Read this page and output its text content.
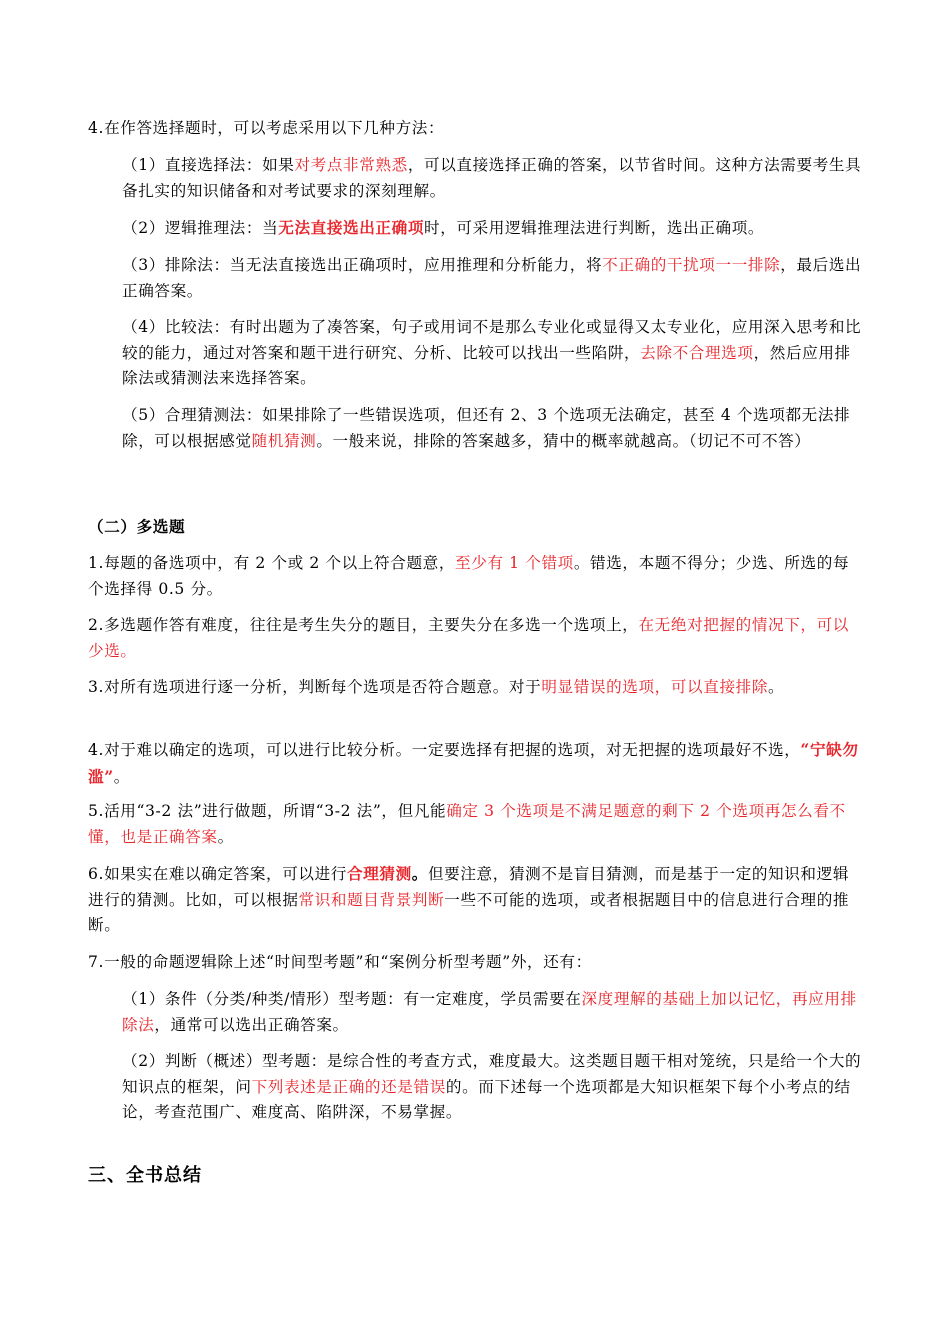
4.在作答选择题时，可以考虑采用以下几种方法：

（1）直接选择法：如果对考点非常熟悉，可以直接选择正确的答案，以节省时间。这种方法需要考生具备扎实的知识储备和对考试要求的深刻理解。

（2）逻辑推理法：当无法直接选出正确项时，可采用逻辑推理法进行判断，选出正确项。

（3）排除法：当无法直接选出正确项时，应用推理和分析能力，将不正确的干扰项一一排除，最后选出正确答案。

（4）比较法：有时出题为了凑答案，句子或用词不是那么专业化或显得又太专业化，应用深入思考和比较的能力，通过对答案和题干进行研究、分析、比较可以找出一些陷阱，去除不合理选项，然后应用排除法或猜测法来选择答案。

（5）合理猜测法：如果排除了一些错误选项，但还有 2、3 个选项无法确定，甚至 4 个选项都无法排除，可以根据感觉随机猜测。一般来说，排除的答案越多，猜中的概率就越高。（切记不可不答）

（二）多选题

1.每题的备选项中，有 2 个或 2 个以上符合题意，至少有 1 个错项。错选，本题不得分；少选、所选的每个选择得 0.5 分。

2.多选题作答有难度，往往是考生失分的题目，主要失分在多选一个选项上，在无绝对把握的情况下，可以少选。

3.对所有选项进行逐一分析，判断每个选项是否符合题意。对于明显错误的选项，可以直接排除。

4.对于难以确定的选项，可以进行比较分析。一定要选择有把握的选项，对无把握的选项最好不选，“宁缺勿滥”。

5.活用“3-2 法”进行做题，所谓“3-2 法”，但凡能确定 3 个选项是不满足题意的剩下 2 个选项再怎么看不懂，也是正确答案。

6.如果实在难以确定答案，可以进行合理猜测。但要注意，猜测不是盲目猜测，而是基于一定的知识和逻辑进行的猜测。比如，可以根据常识和题目背景判断一些不可能的选项，或者根据题目中的信息进行合理的推断。

7.一般的命题逻辑除上述“时间型考题”和“案例分析型考题”外，还有：

（1）条件（分类/种类/情形）型考题：有一定难度，学员需要在深度理解的基础上加以记忆，再应用排除法，通常可以选出正确答案。

（2）判断（概述）型考题：是综合性的考查方式，难度最大。这类题目题干相对笼统，只是给一个大的知识点的框架，问下列表述是正确的还是错误的。而下述每一个选项都是大知识框架下每个小考点的结论，考查范围广、难度高、陷阱深，不易掌握。

三、全书总结
